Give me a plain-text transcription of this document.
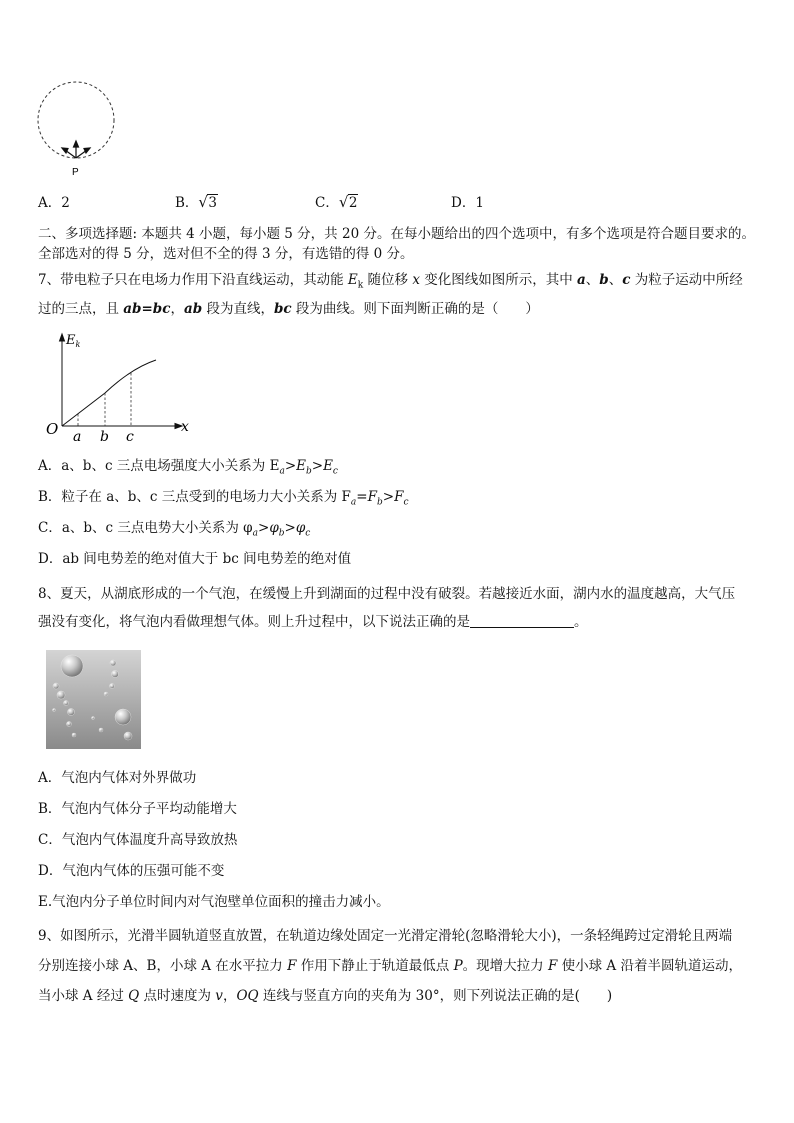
P
A．2	B． √ 3	C． √ 2	D．1
二、多项选择题: 本题共 4 小题，每小题 5 分，共 20 分。在每小题给出的四个选项中，有多个选项是符合题目要求的。
全部选对的得 5 分，选对但不全的得 3 分，有选错的得 0 分。
7、带电粒子只在电场力作用下沿直线运动，其动能 $E_k$ 随位移 x 变化图线如图所示，其中 a、b、c 为粒子运动中所经
过的三点，且 ab=bc，ab 段为直线，bc 段为曲线。则下面判断正确的是（　　）
$E_k$
O	x
a b c
A．a、b、c 三点电场强度大小关系为 $E_a>E_b>E_c$
B．粒子在 a、b、c 三点受到的电场力大小关系为 $F_a=F_b>F_c$
C．a、b、c 三点电势大小关系为 $\varphi_a>\varphi_b>\varphi_c$
D．ab 间电势差的绝对值大于 bc 间电势差的绝对值
8、夏天，从湖底形成的一个气泡，在缓慢上升到湖面的过程中没有破裂。若越接近水面，湖内水的温度越高，大气压
强没有变化，将气泡内看做理想气体。则上升过程中，以下说法正确的是	。
A．气泡内气体对外界做功
B．气泡内气体分子平均动能增大
C．气泡内气体温度升高导致放热
D．气泡内气体的压强可能不变
E.气泡内分子单位时间内对气泡壁单位面积的撞击力减小。
9、如图所示，光滑半圆轨道竖直放置，在轨道边缘处固定一光滑定滑轮(忽略滑轮大小)，一条轻绳跨过定滑轮且两端
分别连接小球 A、B，小球 A 在水平拉力 F 作用下静止于轨道最低点 P。现增大拉力 F 使小球 A 沿着半圆轨道运动，
当小球 A 经过 Q 点时速度为 v，OQ 连线与竖直方向的夹角为 30°，则下列说法正确的是(　　)
